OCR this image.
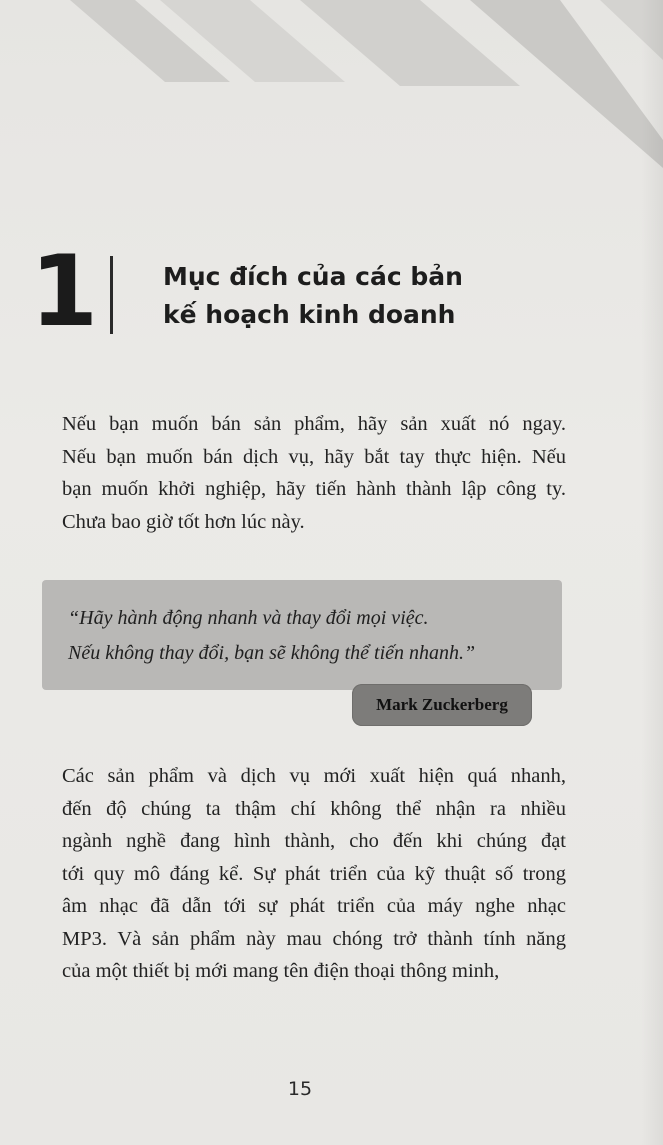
1	Mục đích của các bản
kế hoạch kinh doanh
Nếu bạn muốn bán sản phẩm, hãy sản xuất nó ngay.
Nếu bạn muốn bán dịch vụ, hãy bắt tay thực hiện. Nếu
bạn muốn khởi nghiệp, hãy tiến hành thành lập công ty.
Chưa bao giờ tốt hơn lúc này.
“Hãy hành động nhanh và thay đổi mọi việc.
Nếu không thay đổi, bạn sẽ không thể tiến nhanh.”
Mark Zuckerberg
Các sản phẩm và dịch vụ mới xuất hiện quá nhanh,
đến độ chúng ta thậm chí không thể nhận ra nhiều
ngành nghề đang hình thành, cho đến khi chúng đạt
tới quy mô đáng kể. Sự phát triển của kỹ thuật số trong
âm nhạc đã dẫn tới sự phát triển của máy nghe nhạc
MP3. Và sản phẩm này mau chóng trở thành tính năng
của một thiết bị mới mang tên điện thoại thông minh,
15
